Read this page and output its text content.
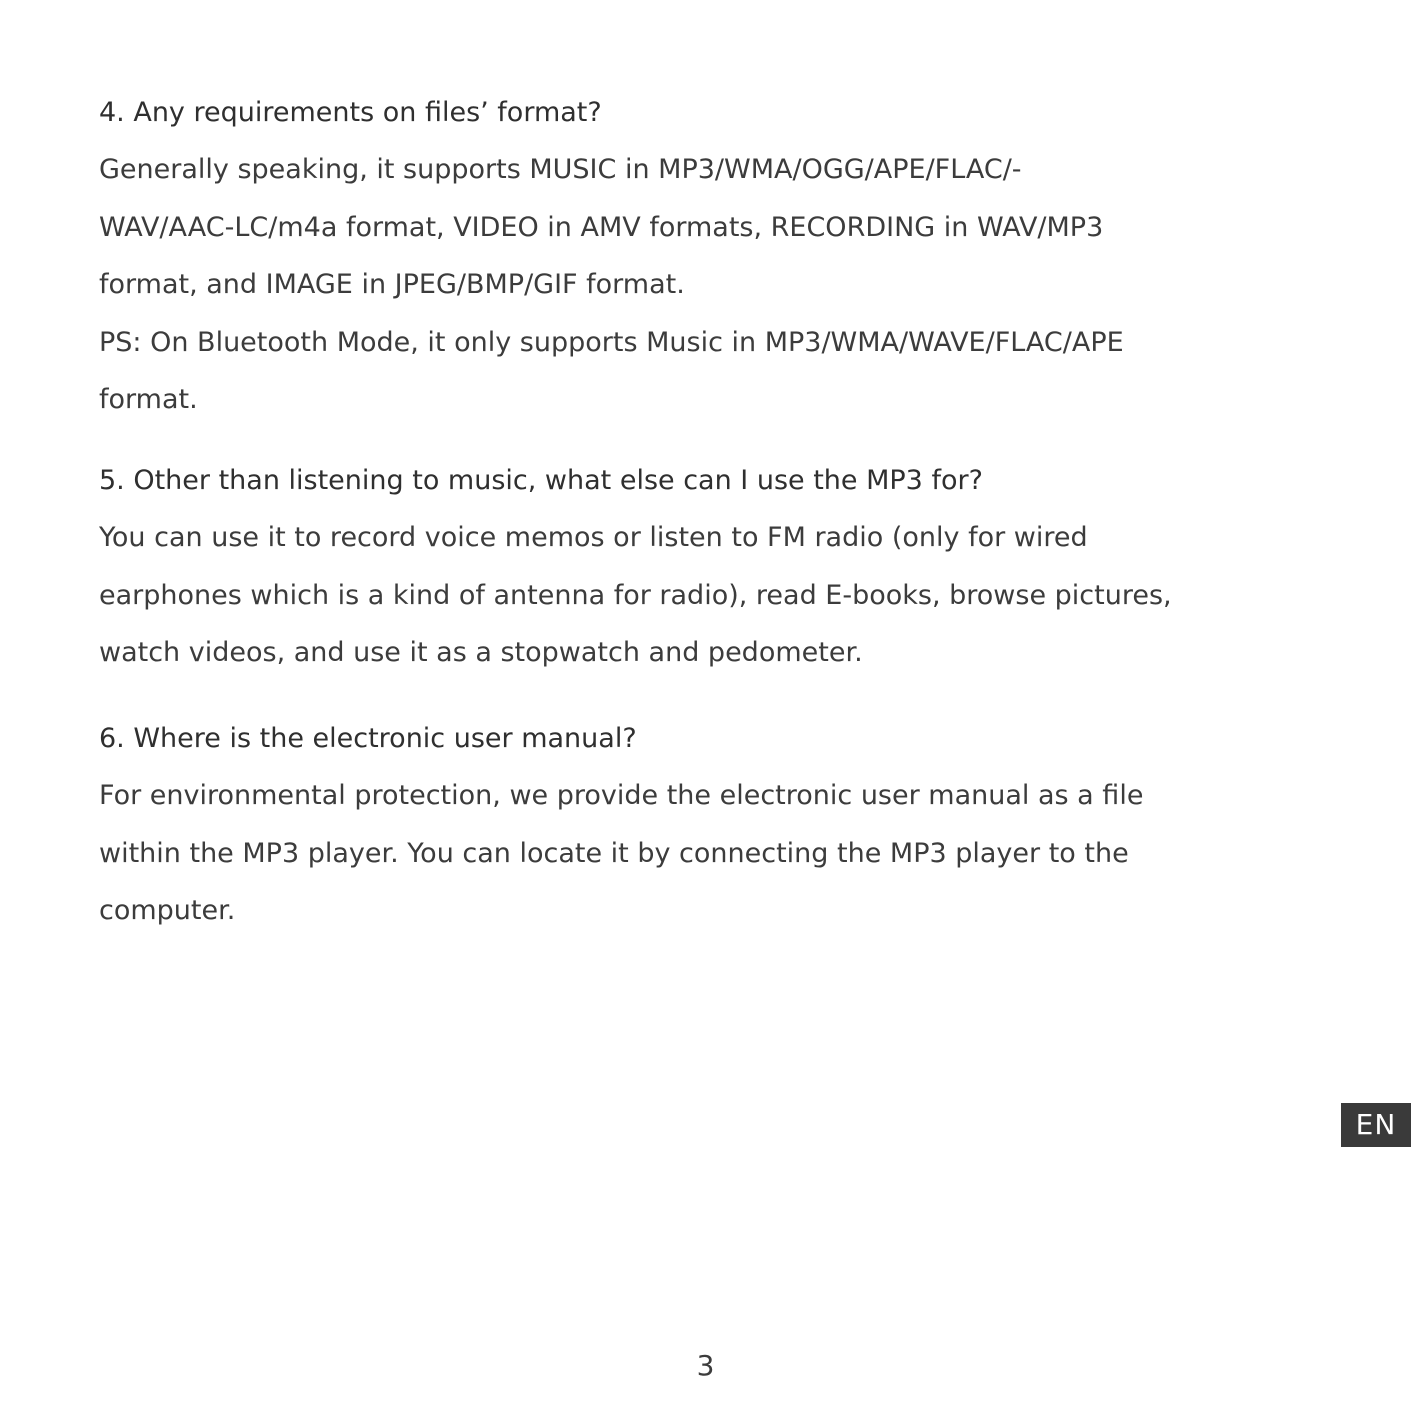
4. Any requirements on files’ format?

Generally speaking, it supports MUSIC in MP3/WMA/OGG/APE/FLAC/-
WAV/AAC-LC/m4a format, VIDEO in AMV formats, RECORDING in WAV/MP3
format, and IMAGE in JPEG/BMP/GIF format.
PS: On Bluetooth Mode, it only supports Music in MP3/WMA/WAVE/FLAC/APE
format.

5. Other than listening to music, what else can I use the MP3 for?

You can use it to record voice memos or listen to FM radio (only for wired
earphones which is a kind of antenna for radio), read E-books, browse pictures,
watch videos, and use it as a stopwatch and pedometer.

6. Where is the electronic user manual?

For environmental protection, we provide the electronic user manual as a file
within the MP3 player. You can locate it by connecting the MP3 player to the
computer.

EN
3
